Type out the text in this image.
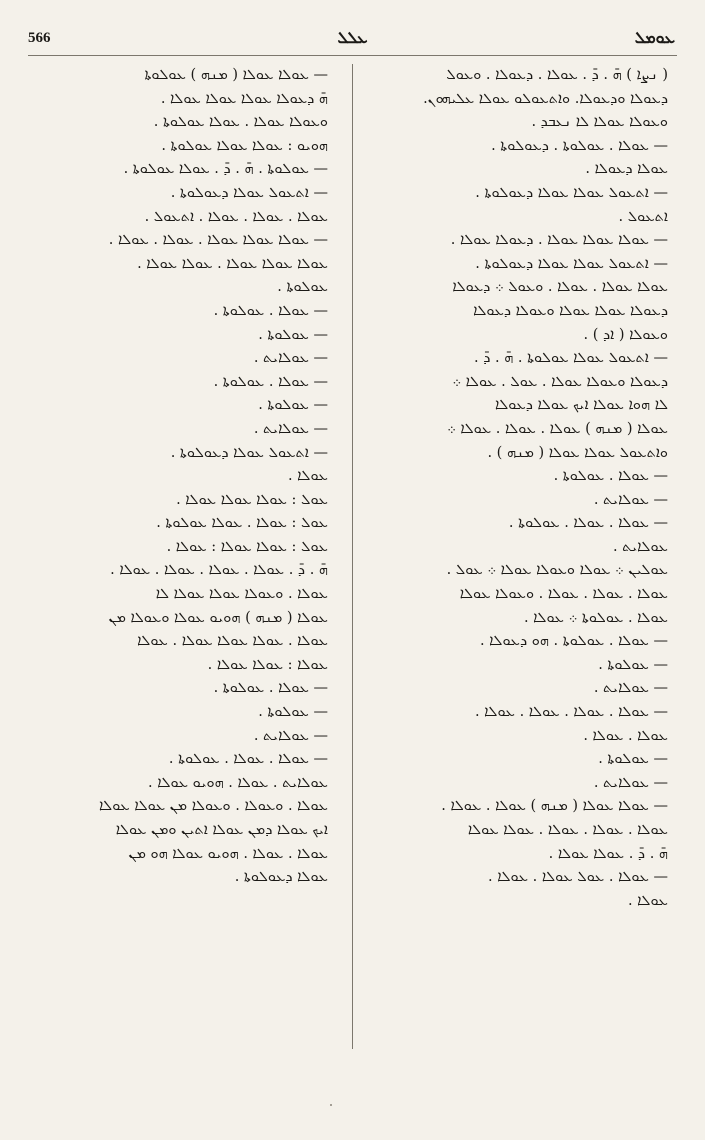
566	ܥܠܠ	ܥܘܡܠ

( ܢܨܐ ) ܗ̄ . ܕ̄ . ܥܘܠܐ . ܕܥܘܠܐ . ܘܥܘܠ

ܕܥܘܠܐ ܘܕܥܘܠܐ. ܘܐܬܥܘܠܘ ܥܘܠܐ ܥܠܝܗܘܢ.

ܘܥܘܠܐ ܥܘܠܐ ܠܐ ܢܥܒܕ .

— ܥܘܠܐ . ܥܘܠܘܬܐ . ܕܥܘܠܘܬܐ .

ܥܘܠܐ ܕܥܘܠܐ .

— ܐܬܥܘܠ ܥܘܠܐ ܥܘܠܐ ܕܥܘܠܘܬܐ .

ܐܬܥܘܠ .

— ܥܘܠܐ ܥܘܠܐ ܥܘܠܐ . ܕܥܘܠܐ ܥܘܠܐ .

— ܐܬܥܘܠ ܥܘܠܐ ܥܘܠܐ ܕܥܘܠܘܬܐ .

ܥܘܠܐ ܥܘܠܐ . ܥܘܠܐ . ܘܥܘܠ ܀ ܕܥܘܠܐ

ܕܥܘܠܐ ܥܘܠܐ ܥܘܠܐ ܘܥܘܠܐ ܕܥܘܠܐ

ܘܥܘܠܐ ( ܐܕ ) .

— ܐܬܥܘܠ ܥܘܠܐ ܥܘܠܘܬܐ . ܗ̄ . ܕ̄ .

ܕܥܘܠܐ ܘܥܘܠܐ ܥܘܠܐ . ܥܘܠ . ܥܘܠܐ ܀

ܠܐ ܗܘܐ ܥܘܠܐ ܐܝܟ ܥܘܠܐ ܕܥܘܠܐ

ܥܘܠܐ ( ܡܢܗ ) ܥܘܠܐ . ܥܘܠܐ . ܥܘܠܐ ܀

ܘܐܬܥܘܠ ܥܘܠܐ ܥܘܠܐ ( ܡܢܗ ) .

— ܥܘܠܐ . ܥܘܠܘܬܐ .

— ܥܘܠܐܝܬ .

— ܥܘܠܐ . ܥܘܠܐ . ܥܘܠܘܬܐ .

ܥܘܠܐܝܬ .

ܥܘܠܝܢ ܀ ܥܘܠܐ ܘܥܘܠܐ ܥܘܠܐ ܀ ܥܘܠ .

ܥܘܠܐ . ܥܘܠܐ . ܥܘܠܐ . ܘܥܘܠܐ ܥܘܠܐ

ܥܘܠܐ . ܥܘܠܘܬܐ ܀ ܥܘܠܐ .

— ܥܘܠܐ . ܥܘܠܘܬܐ . ܗܘ ܕܥܘܠܐ .

— ܥܘܠܘܬܐ .

— ܥܘܠܐܝܬ .

— ܥܘܠܐ . ܥܘܠܐ . ܥܘܠܐ . ܥܘܠܐ .

ܥܘܠܐ . ܥܘܠܐ .

— ܥܘܠܘܬܐ .

— ܥܘܠܐܝܬ .

— ܥܘܠܐ ܥܘܠܐ ( ܡܢܗ ) ܥܘܠܐ . ܥܘܠܐ .

ܥܘܠܐ . ܥܘܠܐ . ܥܘܠܐ . ܥܘܠܐ ܥܘܠܐ

ܗ̄ . ܕ̄ . ܥܘܠܐ ܥܘܠܐ .

— ܥܘܠܐ . ܥܘܠ ܥܘܠܐ . ܥܘܠܐ .

ܥܘܠܐ .

— ܥܘܠܐ ܥܘܠܐ ( ܡܢܗ ) ܥܘܠܘܬܐ

ܗ̄ ܕܥܘܠܐ ܥܘܠܐ ܥܘܠܐ ܥܘܠܐ .

ܘܥܘܠܐ ܥܘܠܐ . ܥܘܠܐ ܥܘܠܘܬܐ .

ܗܘܝܘ : ܥܘܠܐ ܥܘܠܐ ܥܘܠܘܬܐ .

— ܥܘܠܘܬܐ . ܗ̄ . ܕ̄ . ܥܘܠܐ ܥܘܠܘܬܐ .

— ܐܬܥܘܠ ܥܘܠܐ ܕܥܘܠܘܬܐ .

ܥܘܠܐ . ܥܘܠܐ . ܥܘܠܐ . ܐܬܥܘܠ .

— ܥܘܠܐ ܥܘܠܐ ܥܘܠܐ . ܥܘܠܐ . ܥܘܠܐ .

ܥܘܠܐ ܥܘܠܐ ܥܘܠܐ . ܥܘܠܐ ܥܘܠܐ .

ܥܘܠܘܬܐ .

— ܥܘܠܐ . ܥܘܠܘܬܐ .

— ܥܘܠܘܬܐ .

— ܥܘܠܐܝܬ .

— ܥܘܠܐ . ܥܘܠܘܬܐ .

— ܥܘܠܘܬܐ .

— ܥܘܠܐܝܬ .

— ܐܬܥܘܠ ܥܘܠܐ ܕܥܘܠܘܬܐ .

ܥܘܠܐ .

ܥܘܠ : ܥܘܠܐ ܥܘܠܐ ܥܘܠܐ .

ܥܘܠ : ܥܘܠܐ . ܥܘܠܐ ܥܘܠܘܬܐ .

ܥܘܠ : ܥܘܠܐ ܥܘܠܐ : ܥܘܠܐ .

ܗ̄ . ܕ̄ . ܥܘܠܐ . ܥܘܠܐ . ܥܘܠܐ . ܥܘܠܐ .

ܥܘܠܐ . ܘܥܘܠܐ ܥܘܠܐ ܥܘܠܐ ܠܐ

ܥܘܠܐ ( ܡܢܗ ) ܗܘܝܘ ܥܘܠܐ ܘܥܘܠܐ ܡܢ

ܥܘܠܐ . ܥܘܠܐ ܥܘܠܐ ܥܘܠܐ . ܥܘܠܐ

ܥܘܠܐ : ܥܘܠܐ ܥܘܠܐ .

— ܥܘܠܐ . ܥܘܠܘܬܐ .

— ܥܘܠܘܬܐ .

— ܥܘܠܐܝܬ .

— ܥܘܠܐ . ܥܘܠܐ . ܥܘܠܘܬܐ .

ܥܘܠܐܝܬ . ܥܘܠܐ . ܗܘܝܘ ܥܘܠܐ .

ܥܘܠܐ . ܘܥܘܠܐ . ܘܥܘܠܐ ܡܢ ܥܘܠܐ ܥܘܠܐ

ܐܝܟ ܥܘܠܐ ܕܡܢ ܥܘܠܐ ܐܬܝܢ ܘܡܢ ܥܘܠܐ

ܥܘܠܐ . ܥܘܠܐ . ܗܘܝܘ ܥܘܠܐ ܗܘ ܡܢ

ܥܘܠܐ ܕܥܘܠܘܬܐ .
